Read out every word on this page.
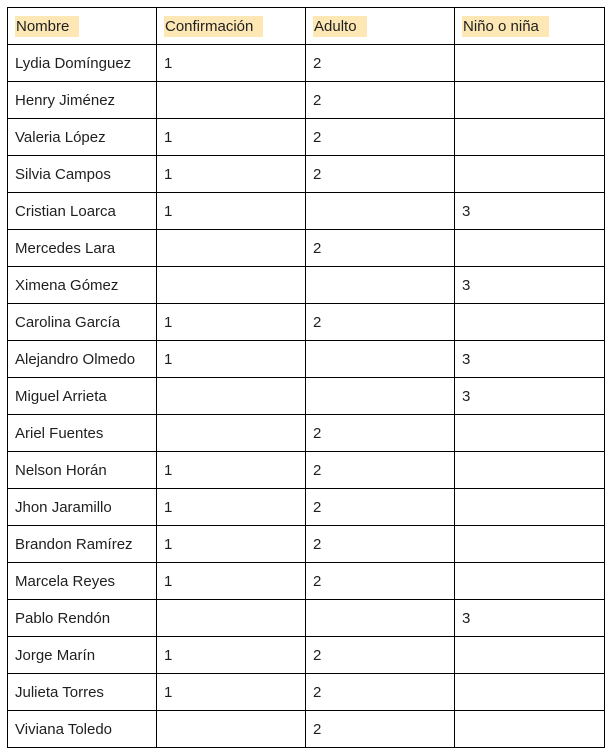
Nombre	Confirmación	Adulto	Niño o niña
Lydia Domínguez	1	2	
Henry Jiménez		2	
Valeria López	1	2	
Silvia Campos	1	2	
Cristian Loarca	1		3
Mercedes Lara		2	
Ximena Gómez			3
Carolina García	1	2	
Alejandro Olmedo	1		3
Miguel Arrieta			3
Ariel Fuentes		2	
Nelson Horán	1	2	
Jhon Jaramillo	1	2	
Brandon Ramírez	1	2	
Marcela Reyes	1	2	
Pablo Rendón			3
Jorge Marín	1	2	
Julieta Torres	1	2	
Viviana Toledo		2	
